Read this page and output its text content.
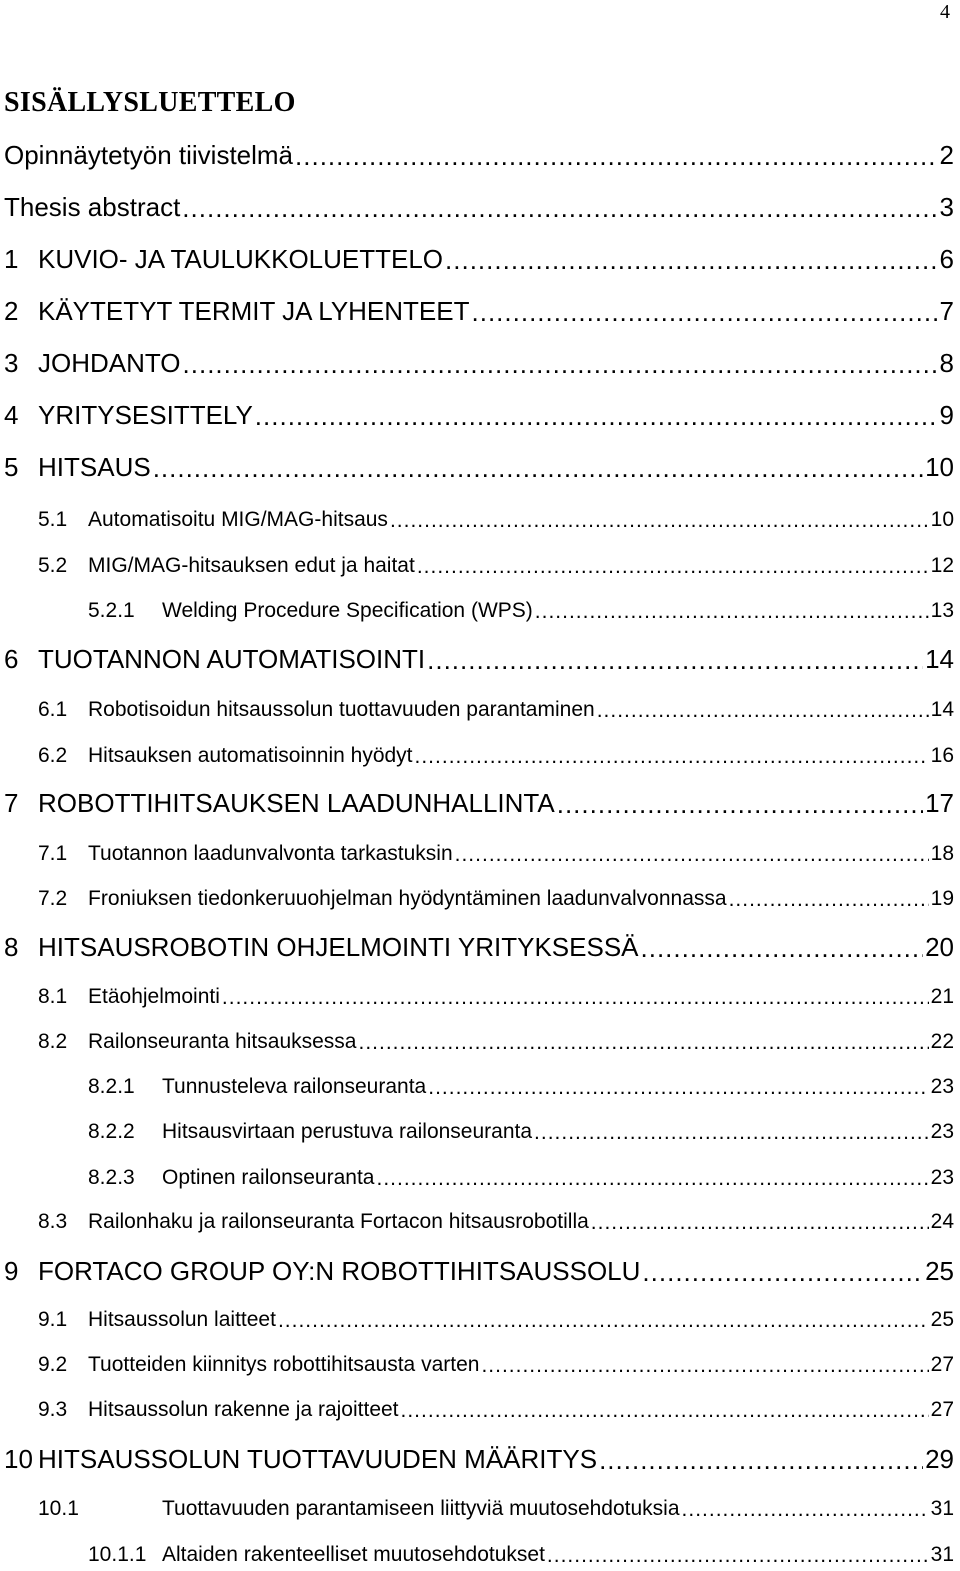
4
SISÄLLYSLUETTELO
Opinnäytetyön tiivistelmä .....	2
Thesis abstract .....	3
1 KUVIO- JA TAULUKKOLUETTELO .....	6
2 KÄYTETYT TERMIT JA LYHENTEET .....	7
3 JOHDANTO .....	8
4 YRITYSESITTELY .....	9
5 HITSAUS .....	10
5.1 Automatisoitu MIG/MAG-hitsaus .....	10
5.2 MIG/MAG-hitsauksen edut ja haitat .....	12
5.2.1	Welding Procedure Specification (WPS) .....	13
6 TUOTANNON AUTOMATISOINTI .....	14
6.1 Robotisoidun hitsaussolun tuottavuuden parantaminen .....	14
6.2 Hitsauksen automatisoinnin hyödyt .....	16
7 ROBOTTIHITSAUKSEN LAADUNHALLINTA .....	17
7.1 Tuotannon laadunvalvonta tarkastuksin .....	18
7.2 Froniuksen tiedonkeruuohjelman hyödyntäminen laadunvalvonnassa .....	19
8 HITSAUSROBOTIN OHJELMOINTI YRITYKSESSÄ .....	20
8.1 Etäohjelmointi .....	21
8.2 Railonseuranta hitsauksessa .....	22
8.2.1	Tunnusteleva railonseuranta .....	23
8.2.2	Hitsausvirtaan perustuva railonseuranta .....	23
8.2.3	Optinen railonseuranta .....	23
8.3 Railonhaku ja railonseuranta Fortacon hitsausrobotilla .....	24
9 FORTACO GROUP OY:N ROBOTTIHITSAUSSOLU .....	25
9.1 Hitsaussolun laitteet .....	25
9.2 Tuotteiden kiinnitys robottihitsausta varten .....	27
9.3 Hitsaussolun rakenne ja rajoitteet .....	27
10 HITSAUSSOLUN TUOTTAVUUDEN MÄÄRITYS .....	29
10.1	Tuottavuuden parantamiseen liittyviä muutosehdotuksia .....	31
10.1.1 Altaiden rakenteelliset muutosehdotukset .....	31
